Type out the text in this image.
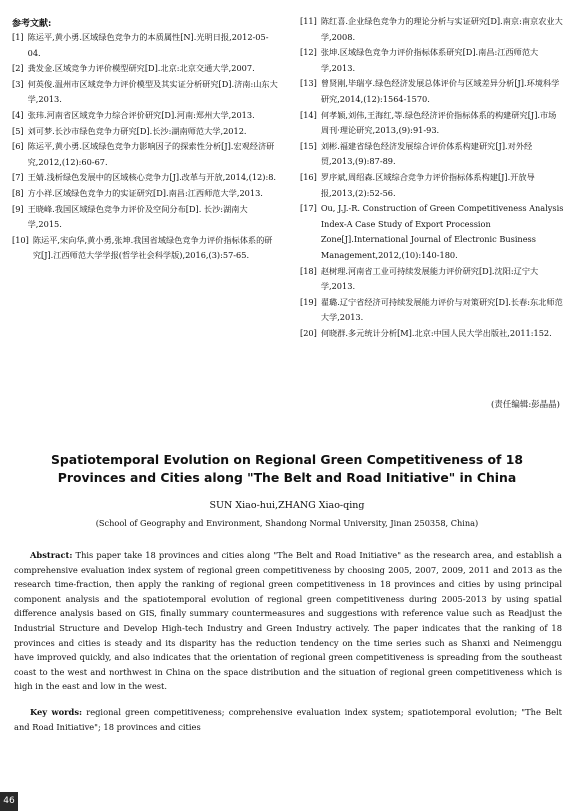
参考文献:
[1] 陈运平,黄小勇.区域绿色竞争力的本质属性[N].光明日报,2012-05-04.
[2] 龚发金.区域竞争力评价模型研究[D].北京:北京交通大学,2007.
[3] 何英俊.温州市区域竞争力评价模型及其实证分析研究[D].济南:山东大学,2013.
[4] 张玮.河南省区域竞争力综合评价研究[D].河南:郑州大学,2013.
[5] 刘可梦.长沙市绿色竞争力研究[D].长沙:湖南师范大学,2012.
[6] 陈运平,黄小勇.区域绿色竞争力影响因子的探索性分析[J].宏观经济研究,2012,(12):60-67.
[7] 王婧.浅析绿色发展中的区域核心竞争力[J].改革与开放,2014,(12):8.
[8] 方小祥.区域绿色竞争力的实证研究[D].南昌:江西师范大学,2013.
[9] 王晓峰.我国区域绿色竞争力评价及空间分布[D]. 长沙:湖南大学,2015.
[10] 陈运平,宋向华,黄小勇,张坤.我国省域绿色竞争力评价指标体系的研究[J].江西师范大学学报(哲学社会科学版),2016,(3):57-65.
[11] 陈红喜.企业绿色竞争力的理论分析与实证研究[D].南京:南京农业大学,2008.
[12] 张坤.区域绿色竞争力评价指标体系研究[D].南昌:江西师范大学,2013.
[13] 曾贤刚,毕瑞亨.绿色经济发展总体评价与区域差异分析[J].环境科学研究,2014,(12):1564-1570.
[14] 何孝颖,刘伟,王海红,等.绿色经济评价指标体系的构建研究[J].市场周刊·理论研究,2013,(9):91-93.
[15] 刘彬.福建省绿色经济发展综合评价体系构建研究[J].对外经贸,2013,(9):87-89.
[16] 罗序斌,周绍森.区域综合竞争力评价指标体系构建[J].开放导报,2013,(2):52-56.
[17] Ou, J.J.-R. Construction of Green Competitiveness Analysis Index-A Case Study of Export Procession Zone[J].International Journal of Electronic Business Management,2012,(10):140-180.
[18] 赵树理.河南省工业可持续发展能力评价研究[D].沈阳:辽宁大学,2013.
[19] 翟璐.辽宁省经济可持续发展能力评价与对策研究[D].长春:东北师范大学,2013.
[20] 何晓群.多元统计分析[M].北京:中国人民大学出版社,2011:152.
(责任编辑:彭晶晶)
Spatiotemporal Evolution on Regional Green Competitiveness of 18 Provinces and Cities along "The Belt and Road Initiative" in China
SUN Xiao-hui,ZHANG Xiao-qing
(School of Geography and Environment, Shandong Normal University, Jinan 250358, China)
Abstract: This paper take 18 provinces and cities along "The Belt and Road Initiative" as the research area, and establish a comprehensive evaluation index system of regional green competitiveness by choosing 2005, 2007, 2009, 2011 and 2013 as the research time-fraction, then apply the ranking of regional green competitiveness in 18 provinces and cities by using principal component analysis and the spatiotemporal evolution of regional green competitiveness during 2005-2013 by using spatial difference analysis based on GIS, finally summary countermeasures and suggestions with reference value such as Readjust the Industrial Structure and Develop High-tech Industry and Green Industry actively. The paper indicates that the ranking of 18 provinces and cities is steady and its disparity has the reduction tendency on the time series such as Shanxi and Neimenggu have improved quickly, and also indicates that the orientation of regional green competitiveness is spreading from the southeast coast to the west and northwest in China on the space distribution and the situation of regional green competitiveness which is high in the east and low in the west.
Key words: regional green competitiveness; comprehensive evaluation index system; spatiotemporal evolution; "The Belt and Road Initiative"; 18 provinces and cities
46
